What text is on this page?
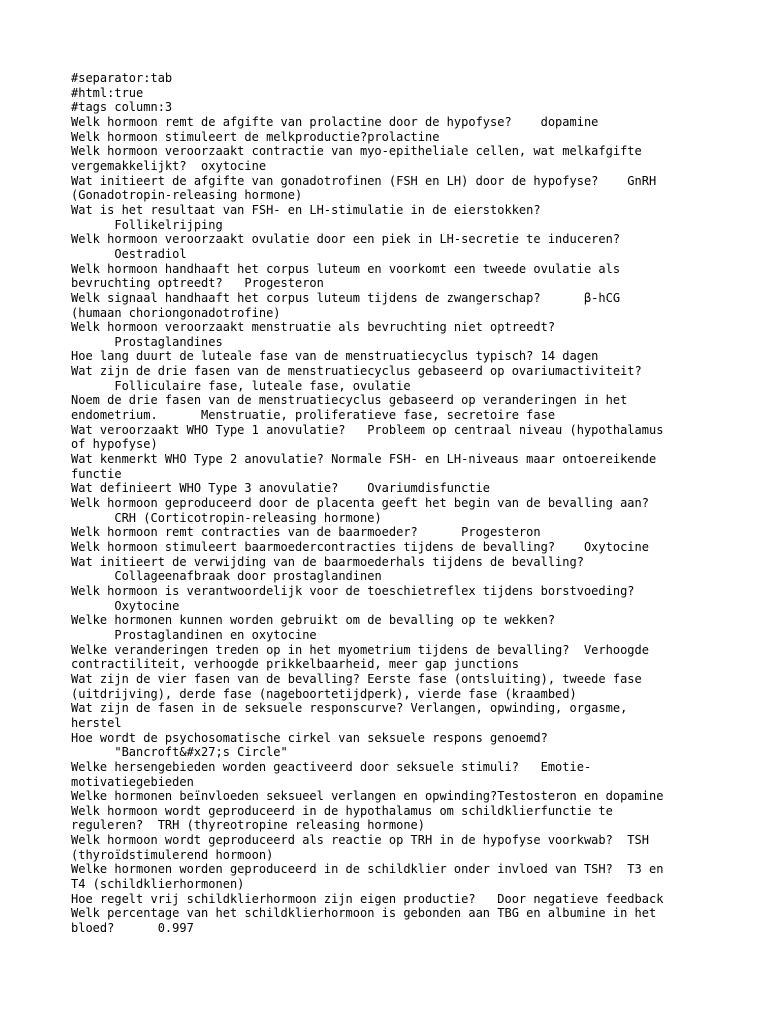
#separator:tab
#html:true
#tags column:3
Welk hormoon remt de afgifte van prolactine door de hypofyse?    dopamine
Welk hormoon stimuleert de melkproductie?prolactine
Welk hormoon veroorzaakt contractie van myo-epitheliale cellen, wat melkafgifte
vergemakkelijkt?  oxytocine
Wat initieert de afgifte van gonadotrofinen (FSH en LH) door de hypofyse?    GnRH
(Gonadotropin-releasing hormone)
Wat is het resultaat van FSH- en LH-stimulatie in de eierstokken?
Follikelrijping
Welk hormoon veroorzaakt ovulatie door een piek in LH-secretie te induceren?
Oestradiol
Welk hormoon handhaaft het corpus luteum en voorkomt een tweede ovulatie als
bevruchting optreedt?   Progesteron
Welk signaal handhaaft het corpus luteum tijdens de zwangerschap?      β-hCG
(humaan choriongonadotrofine)
Welk hormoon veroorzaakt menstruatie als bevruchting niet optreedt?
Prostaglandines
Hoe lang duurt de luteale fase van de menstruatiecyclus typisch? 14 dagen
Wat zijn de drie fasen van de menstruatiecyclus gebaseerd op ovariumactiviteit?
Folliculaire fase, luteale fase, ovulatie
Noem de drie fasen van de menstruatiecyclus gebaseerd op veranderingen in het
endometrium.      Menstruatie, proliferatieve fase, secretoire fase
Wat veroorzaakt WHO Type 1 anovulatie?   Probleem op centraal niveau (hypothalamus
of hypofyse)
Wat kenmerkt WHO Type 2 anovulatie? Normale FSH- en LH-niveaus maar ontoereikende
functie
Wat definieert WHO Type 3 anovulatie?    Ovariumdisfunctie
Welk hormoon geproduceerd door de placenta geeft het begin van de bevalling aan?
CRH (Corticotropin-releasing hormone)
Welk hormoon remt contracties van de baarmoeder?      Progesteron
Welk hormoon stimuleert baarmoedercontracties tijdens de bevalling?    Oxytocine
Wat initieert de verwijding van de baarmoederhals tijdens de bevalling?
Collageenafbraak door prostaglandinen
Welk hormoon is verantwoordelijk voor de toeschietreflex tijdens borstvoeding?
Oxytocine
Welke hormonen kunnen worden gebruikt om de bevalling op te wekken?
Prostaglandinen en oxytocine
Welke veranderingen treden op in het myometrium tijdens de bevalling?  Verhoogde
contractiliteit, verhoogde prikkelbaarheid, meer gap junctions
Wat zijn de vier fasen van de bevalling? Eerste fase (ontsluiting), tweede fase
(uitdrijving), derde fase (nageboortetijdperk), vierde fase (kraambed)
Wat zijn de fasen in de seksuele responscurve? Verlangen, opwinding, orgasme,
herstel
Hoe wordt de psychosomatische cirkel van seksuele respons genoemd?
"Bancroft&#x27;s Circle"
Welke hersengebieden worden geactiveerd door seksuele stimuli?   Emotie-
motivatiegebieden
Welke hormonen beïnvloeden seksueel verlangen en opwinding?Testosteron en dopamine
Welk hormoon wordt geproduceerd in de hypothalamus om schildklierfunctie te
reguleren?  TRH (thyreotropine releasing hormone)
Welk hormoon wordt geproduceerd als reactie op TRH in de hypofyse voorkwab?  TSH
(thyroïdstimulerend hormoon)
Welke hormonen worden geproduceerd in de schildklier onder invloed van TSH?  T3 en
T4 (schildklierhormonen)
Hoe regelt vrij schildklierhormoon zijn eigen productie?   Door negatieve feedback
Welk percentage van het schildklierhormoon is gebonden aan TBG en albumine in het
bloed?      0.997
